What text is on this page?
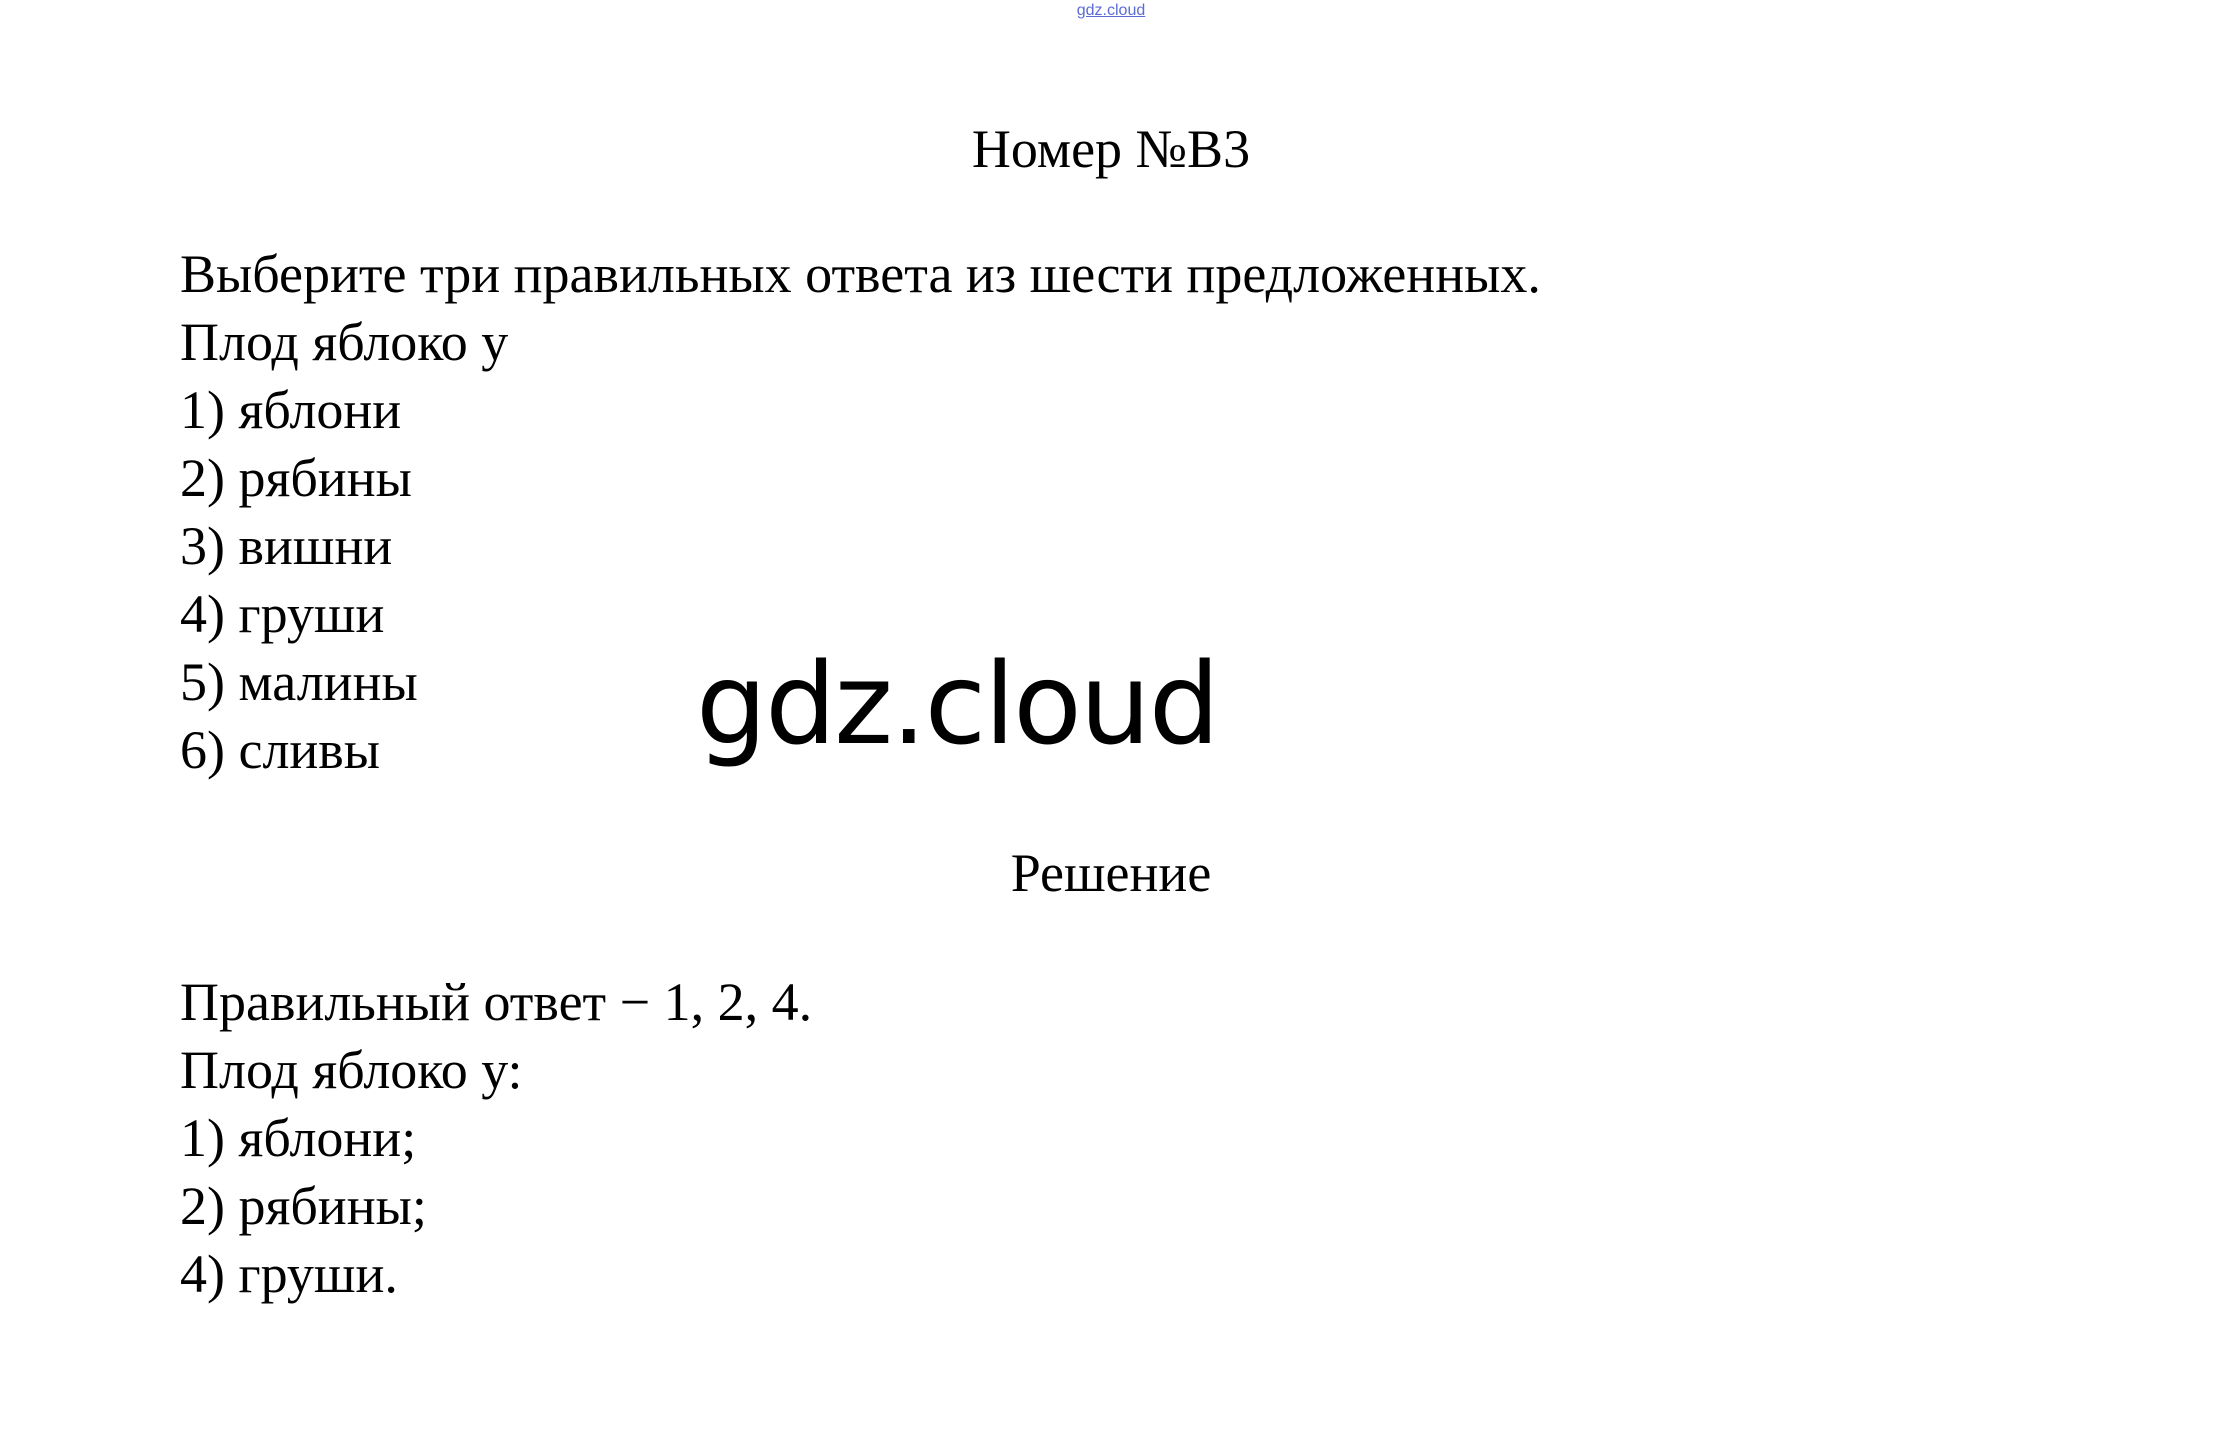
gdz.cloud
Номер №B3

Выберите три правильных ответа из шести предложенных.

Плод яблоко у

1) яблони

2) рябины

3) вишни

4) груши

5) малины

6) сливы	gdz.cloud
Решение

Правильный ответ − 1, 2, 4.

Плод яблоко у:

1) яблони;

2) рябины;

4) груши.
